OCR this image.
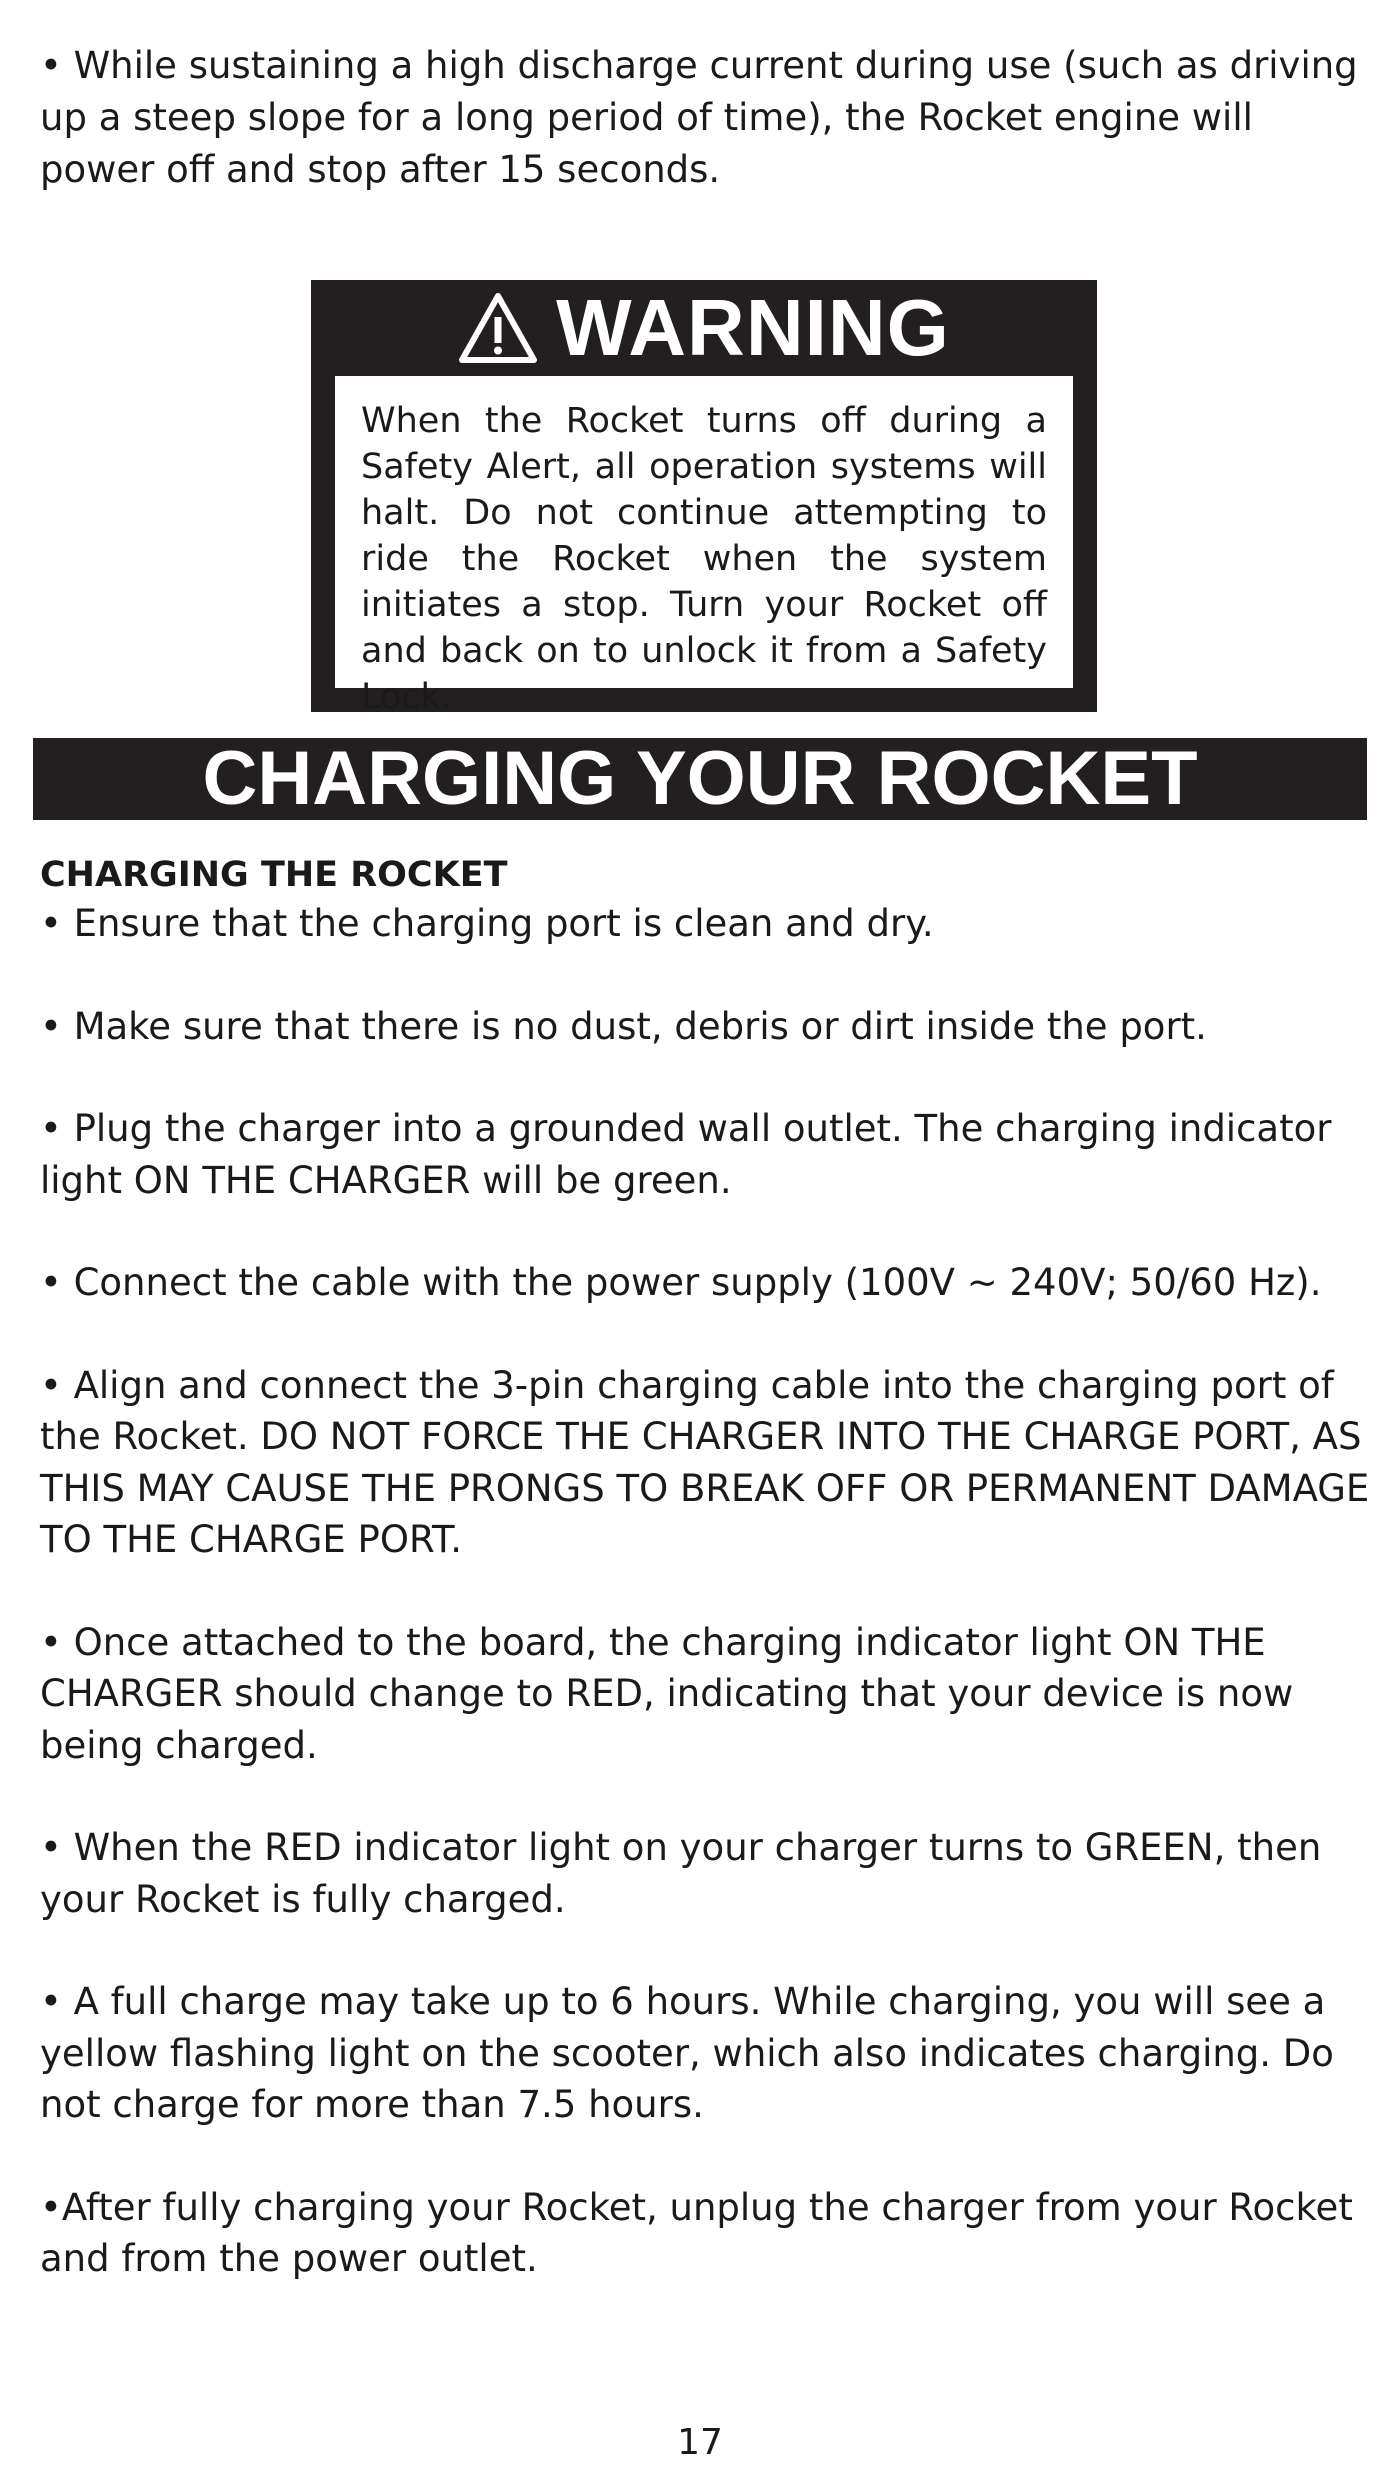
• While sustaining a high discharge current during use (such as driving up a steep slope for a long period of time), the Rocket engine will power off and stop after 15 seconds.

WARNING

When the Rocket turns off during a Safety Alert, all operation systems will halt. Do not continue attempting to ride the Rocket when the system initiates a stop. Turn your Rocket off and back on to unlock it from a Safety Lock.

CHARGING YOUR ROCKET
CHARGING THE ROCKET
• Ensure that the charging port is clean and dry.
• Make sure that there is no dust, debris or dirt inside the port.
• Plug the charger into a grounded wall outlet. The charging indicator light ON THE CHARGER will be green.
• Connect the cable with the power supply (100V ~ 240V; 50/60 Hz).
• Align and connect the 3-pin charging cable into the charging port of the Rocket. DO NOT FORCE THE CHARGER INTO THE CHARGE PORT, AS THIS MAY CAUSE THE PRONGS TO BREAK OFF OR PERMANENT DAMAGE TO THE CHARGE PORT.
• Once attached to the board, the charging indicator light ON THE CHARGER should change to RED, indicating that your device is now being charged.
• When the RED indicator light on your charger turns to GREEN, then your Rocket is fully charged.
• A full charge may take up to 6 hours. While charging, you will see a yellow flashing light on the scooter, which also indicates charging. Do not charge for more than 7.5 hours.
•After fully charging your Rocket, unplug the charger from your Rocket and from the power outlet.
17
